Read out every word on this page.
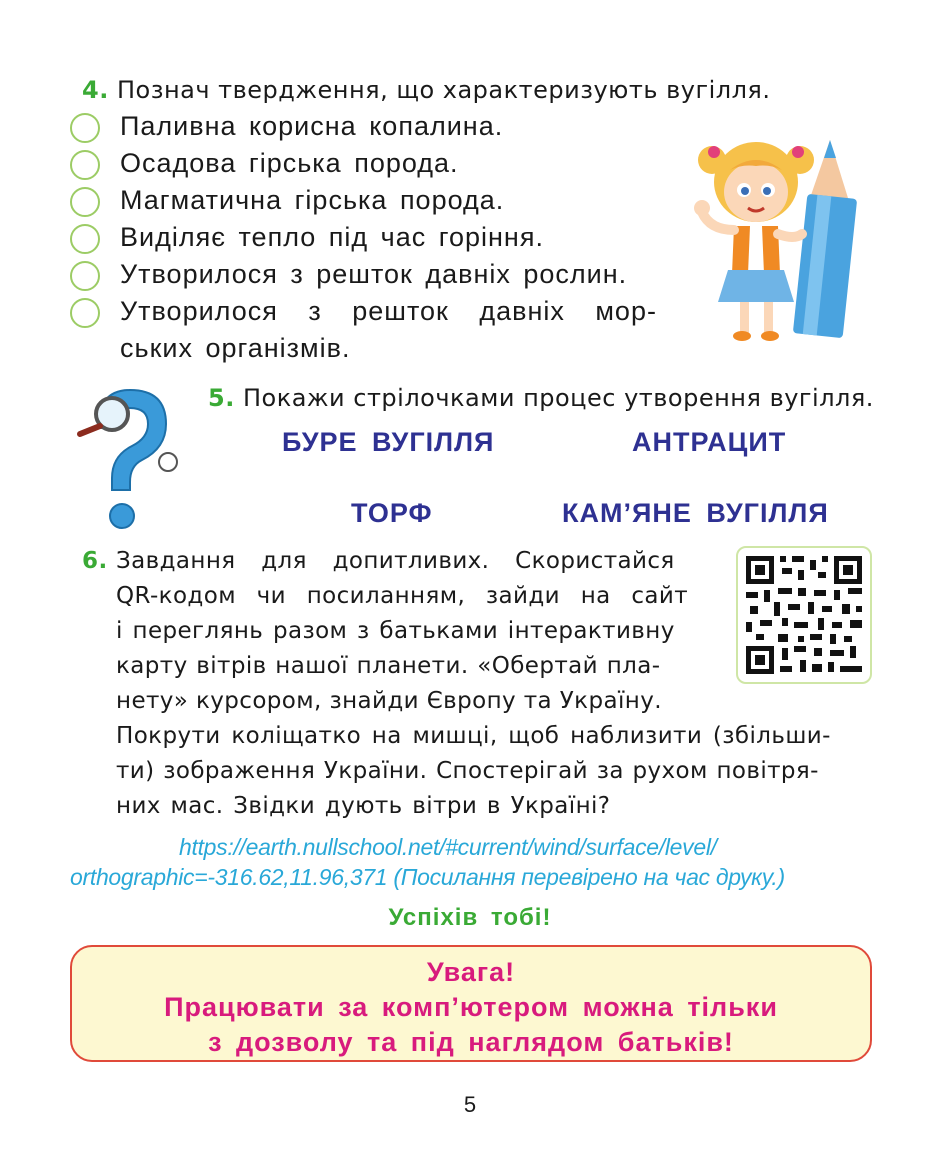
4. Познач твердження, що характеризують вугілля.
Паливна корисна копалина.
Осадова гірська порода.
Магматична гірська порода.
Виділяє тепло під час горіння.
Утворилося з решток давніх рослин.
Утворилося з решток давніх мор-
ських організмів.
5. Покажи стрілочками процес утворення вугілля.
БУРЕ ВУГІЛЛЯ	АНТРАЦИТ
ТОРФ	КАМ’ЯНЕ ВУГІЛЛЯ
6. Завдання для допитливих. Скористайся
QR-кодом чи посиланням, зайди на сайт
і переглянь разом з батьками інтерактивну
карту вітрів нашої планети. «Обертай пла-
нету» курсором, знайди Європу та Україну.
Покрути коліщатко на мишці, щоб наблизити (збільши-
ти) зображення України. Спостерігай за рухом повітря-
них мас. Звідки дують вітри в Україні?
https://earth.nullschool.net/#current/wind/surface/level/
orthographic=-316.62,11.96,371 (Посилання перевірено на час друку.)
Успіхів тобі!
Увага!
Працювати за комп’ютером можна тільки
з дозволу та під наглядом батьків!
5
